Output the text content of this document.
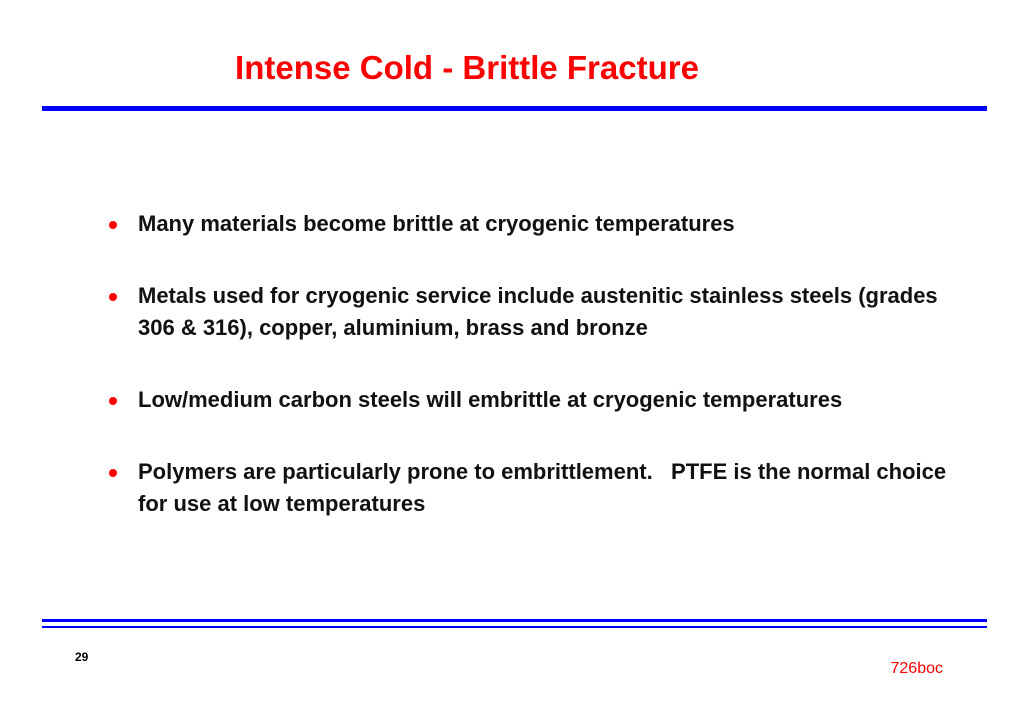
Intense Cold - Brittle Fracture
Many materials become brittle at cryogenic temperatures
Metals used for cryogenic service include austenitic stainless steels (grades 306 & 316), copper, aluminium, brass and bronze
Low/medium carbon steels will embrittle at cryogenic temperatures
Polymers are particularly prone to embrittlement.   PTFE is the normal choice for use at low temperatures
29
726boc
